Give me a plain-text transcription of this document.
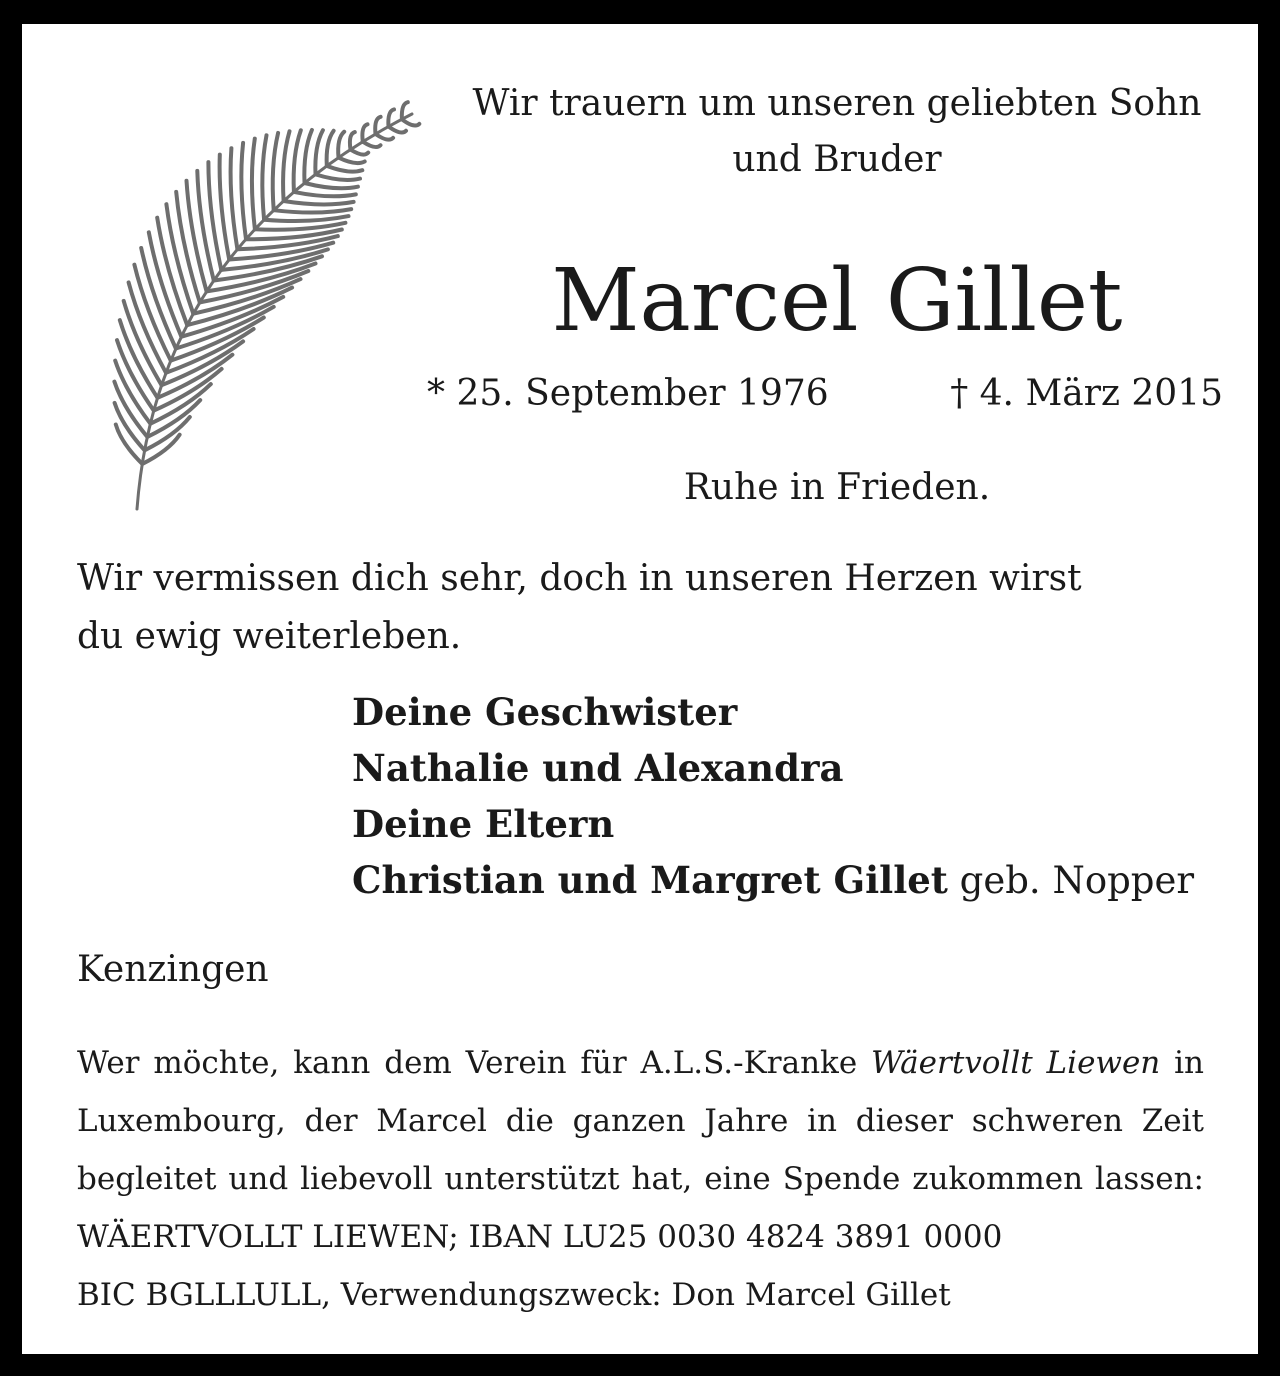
Wir trauern um unseren geliebten Sohn
und Bruder
Marcel Gillet
* 25. September 1976	† 4. März 2015
Ruhe in Frieden.
Wir vermissen dich sehr, doch in unseren Herzen wirst
du ewig weiterleben.
Deine Geschwister
Nathalie und Alexandra
Deine Eltern
Christian und Margret Gillet geb. Nopper
Kenzingen
Wer möchte, kann dem Verein für A.L.S.-Kranke Wäertvollt Liewen in Luxembourg, der Marcel die ganzen Jahre in dieser schweren Zeit begleitet und liebevoll unterstützt hat, eine Spende zukommen lassen: WÄERTVOLLT LIEWEN; IBAN LU25 0030 4824 3891 0000
BIC BGLLLULL, Verwendungszweck: Don Marcel Gillet
